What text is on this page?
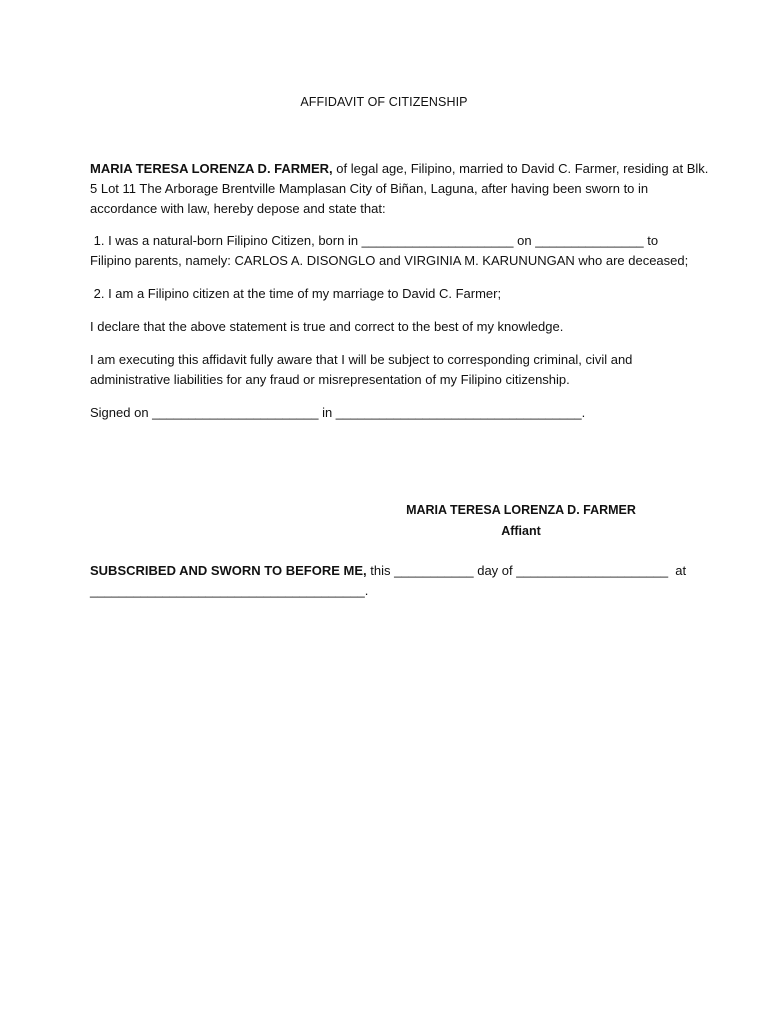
AFFIDAVIT OF CITIZENSHIP
MARIA TERESA LORENZA D. FARMER, of legal age, Filipino, married to David C. Farmer, residing at Blk.
5 Lot 11 The Arborage Brentville Mamplasan City of Biñan, Laguna, after having been sworn to in
accordance with law, hereby depose and state that:
1. I was a natural-born Filipino Citizen, born in _____________________ on _______________ to
Filipino parents, namely: CARLOS A. DISONGLO and VIRGINIA M. KARUNUNGAN who are deceased;
2. I am a Filipino citizen at the time of my marriage to David C. Farmer;
I declare that the above statement is true and correct to the best of my knowledge.
I am executing this affidavit fully aware that I will be subject to corresponding criminal, civil and
administrative liabilities for any fraud or misrepresentation of my Filipino citizenship.
Signed on _______________________ in __________________________________.
MARIA TERESA LORENZA D. FARMER
Affiant
SUBSCRIBED AND SWORN TO BEFORE ME, this ___________ day of _____________________  at
______________________________________.
